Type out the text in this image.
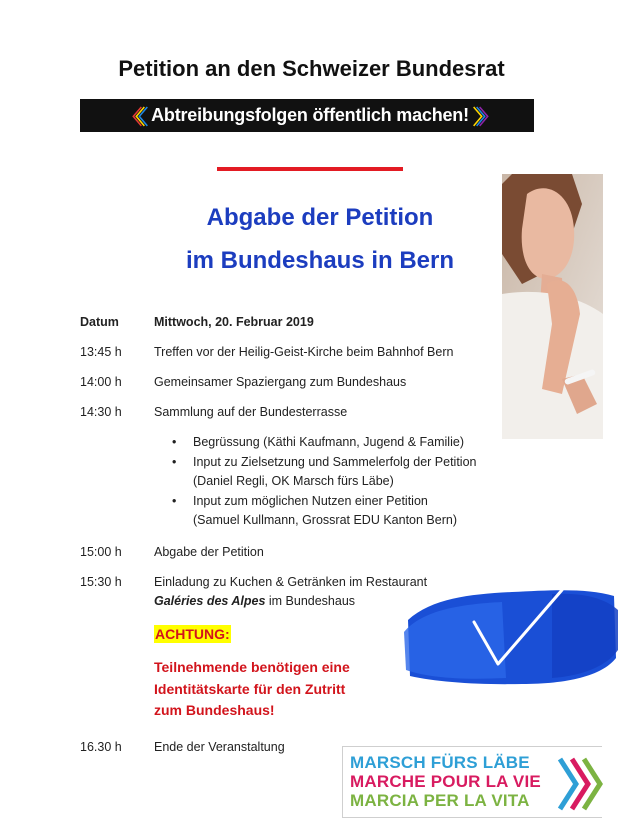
Petition an den Schweizer Bundesrat
〈〈〈 Abtreibungsfolgen öffentlich machen! 〉〉〉
Abgabe der Petition
im Bundeshaus in Bern
Datum	Mittwoch, 20. Februar 2019
13:45 h	Treffen vor der Heilig-Geist-Kirche beim Bahnhof Bern
14:00 h	Gemeinsamer Spaziergang zum Bundeshaus
14:30 h	Sammlung auf der Bundesterrasse
• Begrüssung (Käthi Kaufmann, Jugend & Familie)
• Input zu Zielsetzung und Sammelerfolg der Petition
(Daniel Regli, OK Marsch fürs Läbe)
• Input zum möglichen Nutzen einer Petition
(Samuel Kullmann, Grossrat EDU Kanton Bern)
15:00 h	Abgabe der Petition
15:30 h	Einladung zu Kuchen & Getränken im Restaurant
Galéries des Alpes im Bundeshaus
ACHTUNG:
Teilnehmende benötigen eine
Identitätskarte für den Zutritt
zum Bundeshaus!
16.30 h	Ende der Veranstaltung
MARSCH FÜRS LÄBE
MARCHE POUR LA VIE
MARCIA PER LA VITA
